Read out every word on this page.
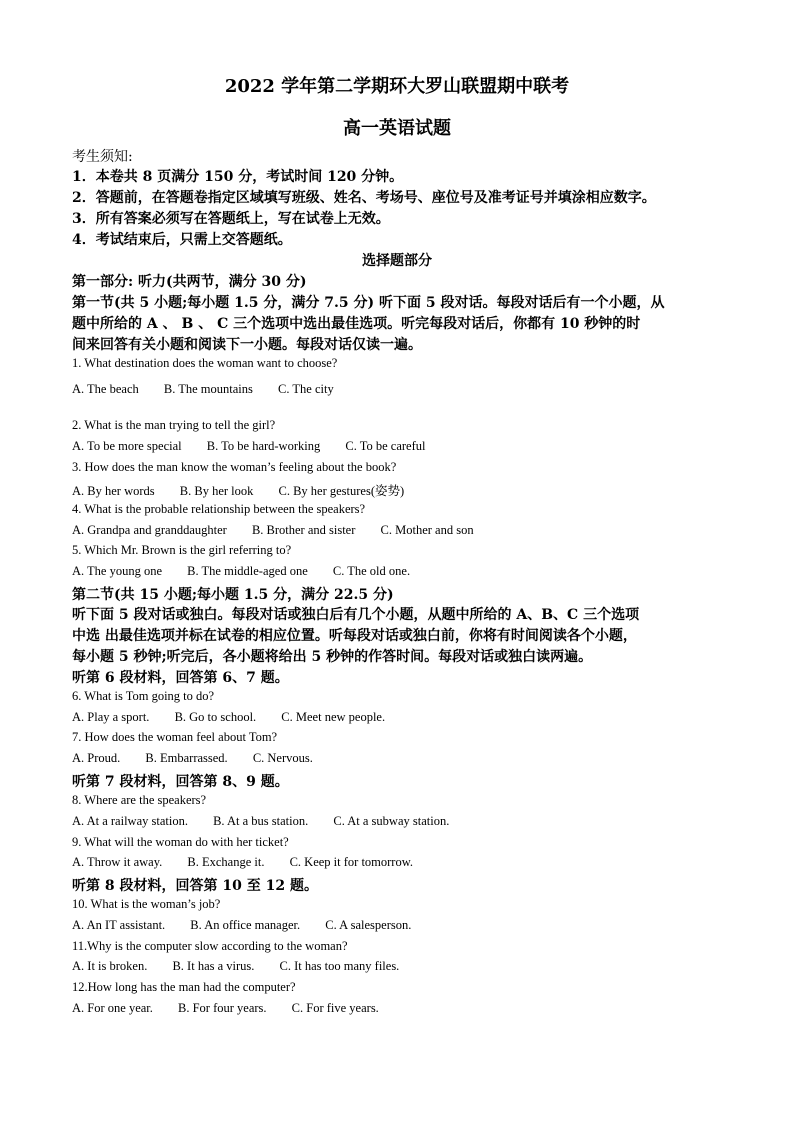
2022 学年第二学期环大罗山联盟期中联考
高一英语试题
考生须知:
1．本卷共 8 页满分 150 分，考试时间 120 分钟。
2．答题前，在答题卷指定区域填写班级、姓名、考场号、座位号及准考证号并填涂相应数字。
3．所有答案必须写在答题纸上，写在试卷上无效。
4．考试结束后，只需上交答题纸。
选择题部分
第一部分: 听力(共两节，满分 30 分)
第一节(共 5 小题;每小题 1.5 分，满分 7.5 分) 听下面 5 段对话。每段对话后有一个小题，从
题中所给的 A 、 B 、 C 三个选项中选出最佳选项。听完每段对话后，你都有 10 秒钟的时
间来回答有关小题和阅读下一小题。每段对话仅读一遍。
1. What destination does the woman want to choose?
A. The beach B. The mountains C. The city
2. What is the man trying to tell the girl?
A. To be more special B. To be hard-working C. To be careful
3. How does the man know the woman’s feeling about the book?
A. By her words B. By her look C. By her gestures(姿势)
4. What is the probable relationship between the speakers?
A. Grandpa and granddaughter B. Brother and sister C. Mother and son
5. Which Mr. Brown is the girl referring to?
A. The young one B. The middle-aged one C. The old one.
第二节(共 15 小题;每小题 1.5 分，满分 22.5 分)
听下面 5 段对话或独白。每段对话或独白后有几个小题，从题中所给的 A、B、C 三个选项
中选 出最佳选项并标在试卷的相应位置。听每段对话或独白前，你将有时间阅读各个小题，
每小题 5 秒钟;听完后，各小题将给出 5 秒钟的作答时间。每段对话或独白读两遍。
听第 6 段材料，回答第 6、7 题。
6. What is Tom going to do?
A. Play a sport. B. Go to school. C. Meet new people.
7. How does the woman feel about Tom?
A. Proud. B. Embarrassed. C. Nervous.
听第 7 段材料，回答第 8、9 题。
8. Where are the speakers?
A. At a railway station. B. At a bus station. C. At a subway station.
9. What will the woman do with her ticket?
A. Throw it away. B. Exchange it. C. Keep it for tomorrow.
听第 8 段材料，回答第 10 至 12 题。
10. What is the woman’s job?
A. An IT assistant. B. An office manager. C. A salesperson.
11.Why is the computer slow according to the woman?
A. It is broken. B. It has a virus. C. It has too many files.
12.How long has the man had the computer?
A. For one year. B. For four years. C. For five years.
